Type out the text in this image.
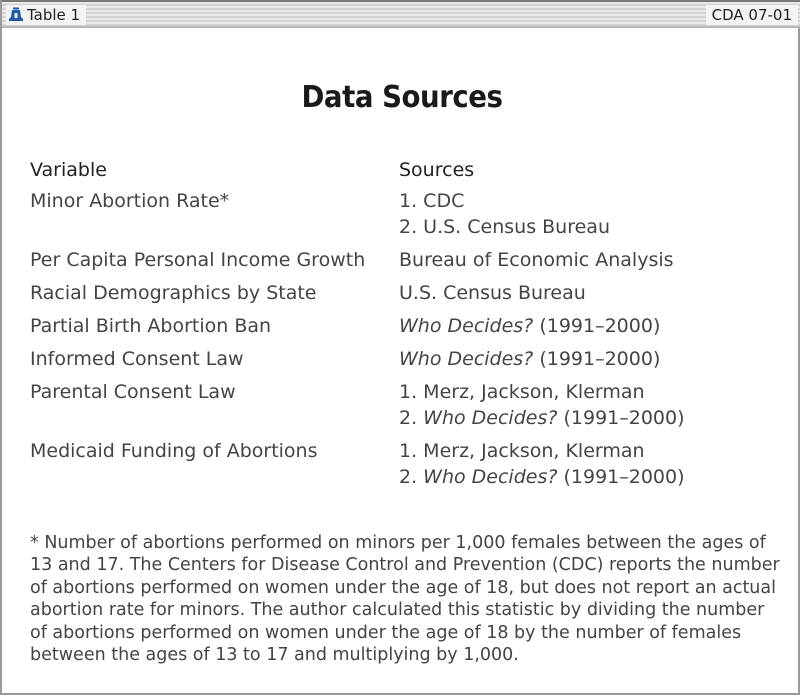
Table 1	CDA 07-01
Data Sources
Variable	Sources
Minor Abortion Rate*	1. CDC
2. U.S. Census Bureau
Per Capita Personal Income Growth	Bureau of Economic Analysis
Racial Demographics by State	U.S. Census Bureau
Partial Birth Abortion Ban	Who Decides? (1991–2000)
Informed Consent Law	Who Decides? (1991–2000)
Parental Consent Law	1. Merz, Jackson, Klerman
2. Who Decides? (1991–2000)
Medicaid Funding of Abortions	1. Merz, Jackson, Klerman
2. Who Decides? (1991–2000)
* Number of abortions performed on minors per 1,000 females between the ages of 13 and 17. The Centers for Disease Control and Prevention (CDC) reports the number of abortions performed on women under the age of 18, but does not report an actual abortion rate for minors. The author calculated this statistic by dividing the number of abortions performed on women under the age of 18 by the number of females between the ages of 13 to 17 and multiplying by 1,000.
